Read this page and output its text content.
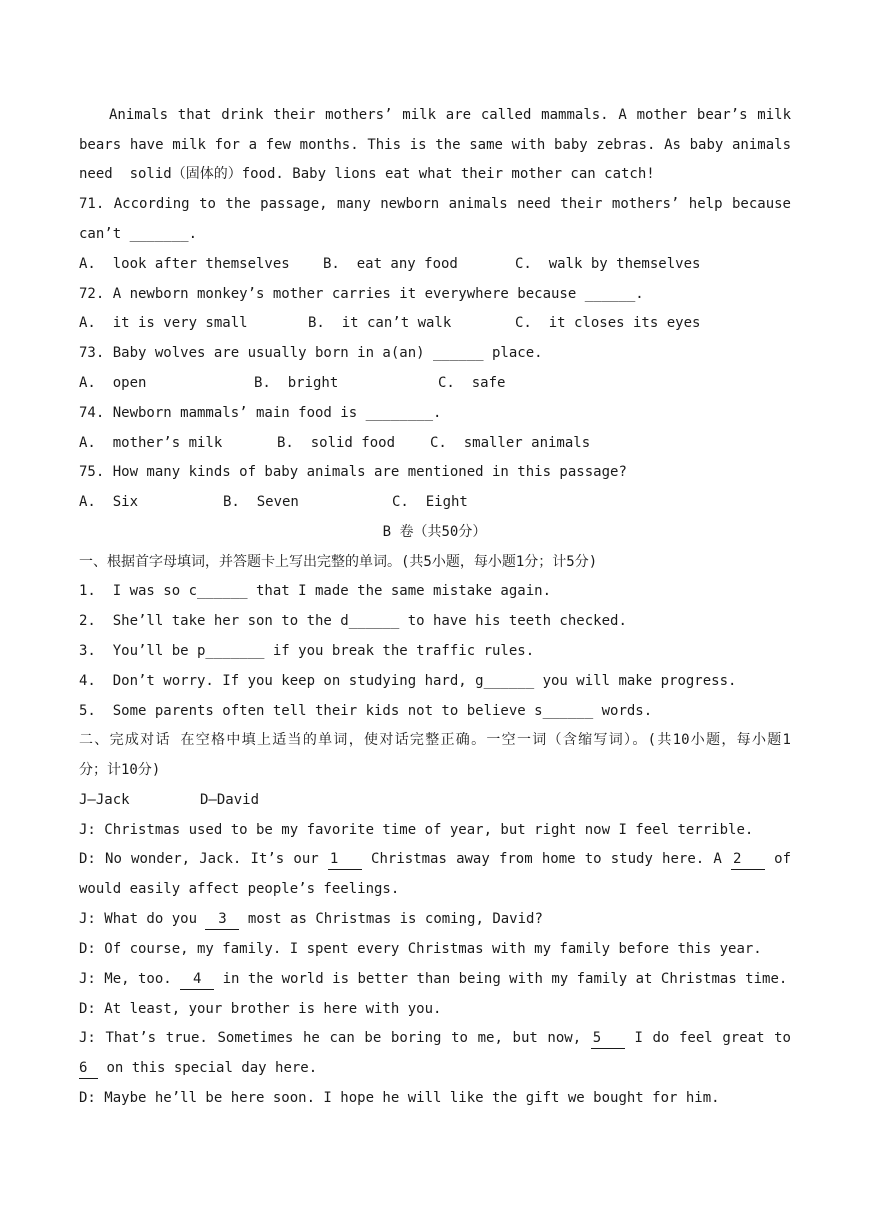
Animals that drink their mothers’ milk are called mammals. A mother bear’s milk
bears have milk for a few months. This is the same with baby zebras. As baby animals
need  solid（固体的）food. Baby lions eat what their mother can catch!
71. According to the passage, many newborn animals need their mothers’ help because
can’t _______.

A.  look after themselves

B.  eat any food

	C.  walk by themselves

72. A newborn monkey’s mother carries it everywhere because ______.

A.  it is very small

	B.  it can’t walk

	C.  it closes its eyes

73. Baby wolves are usually born in a(an) ______ place.

A.  open

	B.  bright

	C.  safe

74. Newborn mammals’ main food is ________.

A.  mother’s milk

	B.  solid food

C.  smaller animals

75. How many kinds of baby animals are mentioned in this passage?

A.  Six

	B.  Seven

	C.  Eight

B 卷（共50分）
一、根据首字母填词，并答题卡上写出完整的单词。(共5小题，每小题1分；计5分)
1.  I was so c______ that I made the same mistake again.
2.  She’ll take her son to the d______ to have his teeth checked.
3.  You’ll be p_______ if you break the traffic rules.
4.  Don’t worry. If you keep on studying hard, g______ you will make progress.
5.  Some parents often tell their kids not to believe s______ words.
二、完成对话 在空格中填上适当的单词，使对话完整正确。一空一词（含缩写词）。(共10小题，每小题1
分；计10分)

J—Jack

	D—David

J: Christmas used to be my favorite time of year, but right now I feel terrible.
D: No wonder, Jack. It’s our 1 Christmas away from home to study here. A 2 of
would easily affect people’s feelings.
J: What do you 3 most as Christmas is coming, David?
D: Of course, my family. I spent every Christmas with my family before this year.
J: Me, too. 4 in the world is better than being with my family at Christmas time.
D: At least, your brother is here with you.
J: That’s true. Sometimes he can be boring to me, but now, 5 I do feel great to
6 on this special day here.
D: Maybe he’ll be here soon. I hope he will like the gift we bought for him.
